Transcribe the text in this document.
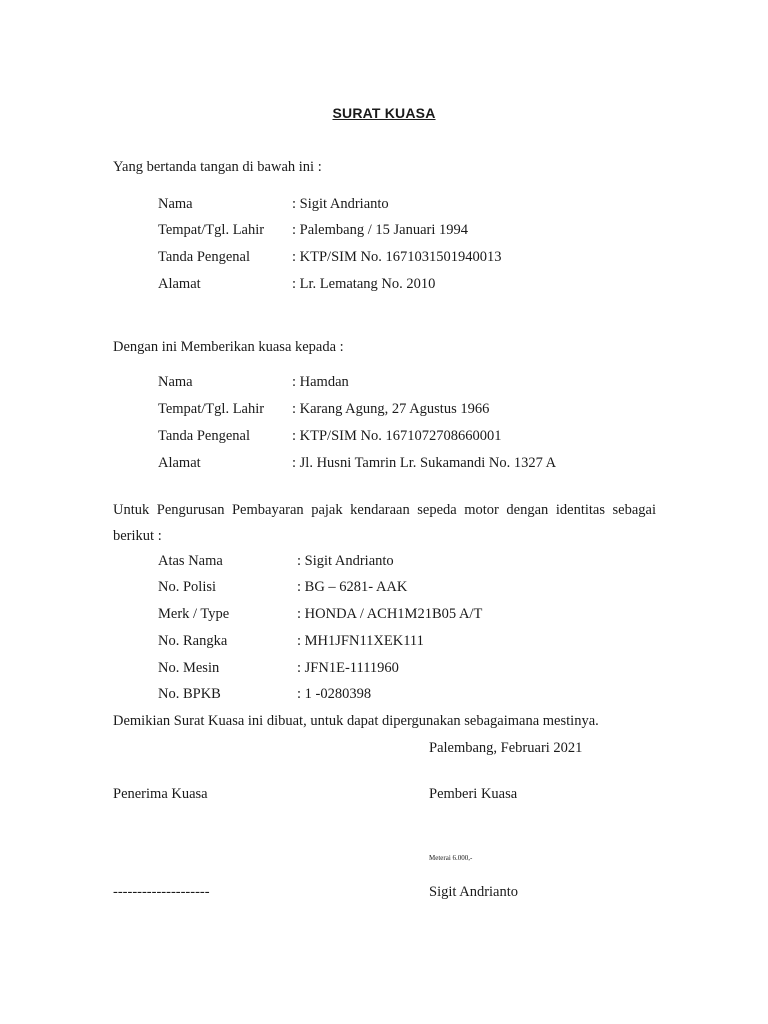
SURAT KUASA
Yang bertanda tangan di bawah ini :
Nama	: Sigit Andrianto
Tempat/Tgl. Lahir : Palembang / 15 Januari 1994
Tanda Pengenal	: KTP/SIM No. 1671031501940013
Alamat	: Lr. Lematang No. 2010
Dengan ini Memberikan kuasa kepada :
Nama	: Hamdan
Tempat/Tgl. Lahir : Karang Agung, 27 Agustus 1966
Tanda Pengenal	: KTP/SIM No. 1671072708660001
Alamat	: Jl. Husni Tamrin Lr. Sukamandi No. 1327 A
Untuk Pengurusan Pembayaran pajak kendaraan sepeda motor dengan identitas sebagai berikut :
Atas Nama	: Sigit Andrianto
No. Polisi	: BG – 6281- AAK
Merk / Type	: HONDA / ACH1M21B05 A/T
No. Rangka	: MH1JFN11XEK111
No. Mesin	: JFN1E-1111960
No. BPKB	: 1 -0280398
Demikian Surat Kuasa ini dibuat, untuk dapat dipergunakan sebagaimana mestinya.
Palembang, Februari 2021
Penerima Kuasa	Pemberi Kuasa
Meterai 6.000,-
--------------------	Sigit Andrianto
